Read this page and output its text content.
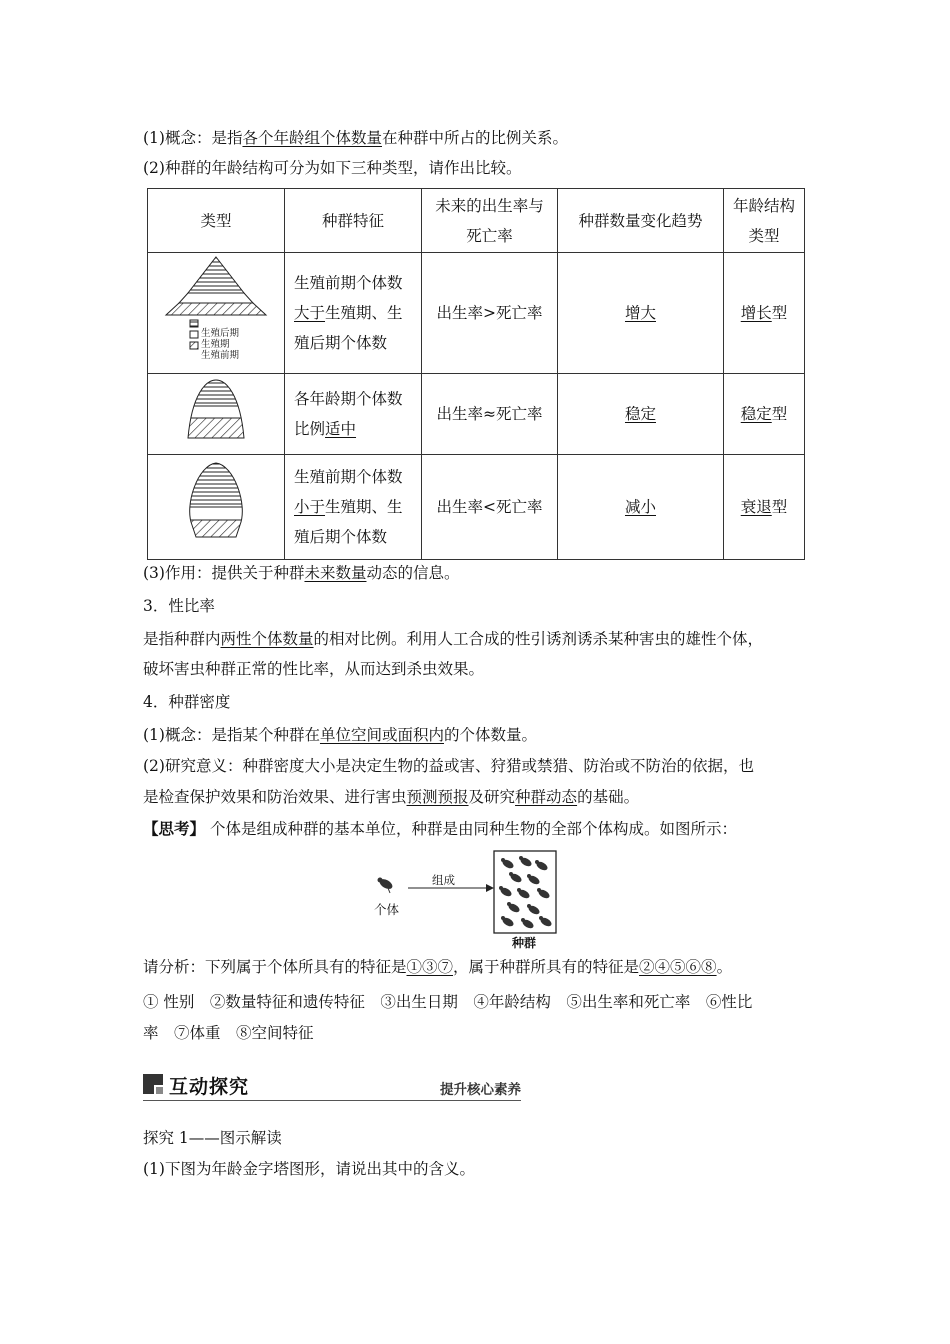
(1)概念：是指各个年龄组个体数量在种群中所占的比例关系。
(2)种群的年龄结构可分为如下三种类型，请作出比较。
类型	种群特征	未来的出生率与死亡率	种群数量变化趋势	年龄结构类型

生殖后期
生殖期
生殖前期	生殖前期个体数大于生殖期、生殖后期个体数	出生率>死亡率	增大	增长型
	各年龄期个体数比例适中	出生率≈死亡率	稳定	稳定型
	生殖前期个体数小于生殖期、生殖后期个体数	出生率<死亡率	减小	衰退型
(3)作用：提供关于种群未来数量动态的信息。
3．性比率
是指种群内两性个体数量的相对比例。利用人工合成的性引诱剂诱杀某种害虫的雄性个体，
破坏害虫种群正常的性比率，从而达到杀虫效果。
4．种群密度
(1)概念：是指某个种群在单位空间或面积内的个体数量。
(2)研究意义：种群密度大小是决定生物的益或害、狩猎或禁猎、防治或不防治的依据，也
是检查保护效果和防治效果、进行害虫预测预报及研究种群动态的基础。
【思考】 个体是组成种群的基本单位，种群是由同种生物的全部个体构成。如图所示：
个体
组成
种群
请分析：下列属于个体所具有的特征是①③⑦，属于种群所具有的特征是②④⑤⑥⑧。
① 性别　②数量特征和遗传特征　③出生日期　④年龄结构　⑤出生率和死亡率　⑥性比
率　⑦体重　⑧空间特征
互动探究	提升核心素养
探究 1——图示解读
(1)下图为年龄金字塔图形，请说出其中的含义。
